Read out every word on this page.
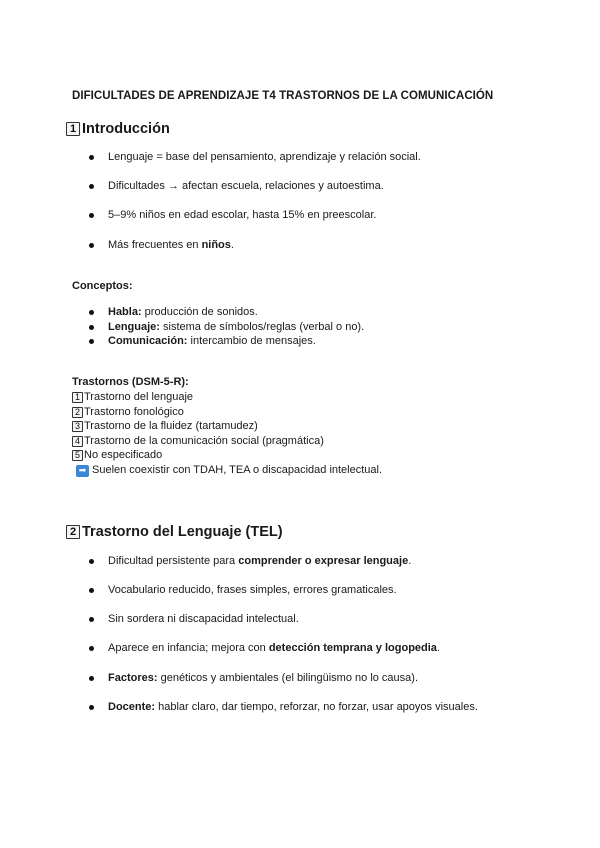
DIFICULTADES DE APRENDIZAJE T4 TRASTORNOS DE LA COMUNICACIÓN
1 Introducción
Lenguaje = base del pensamiento, aprendizaje y relación social.
Dificultades → afectan escuela, relaciones y autoestima.
5–9% niños en edad escolar, hasta 15% en preescolar.
Más frecuentes en niños.
Conceptos:
Habla: producción de sonidos.
Lenguaje: sistema de símbolos/reglas (verbal o no).
Comunicación: intercambio de mensajes.
Trastornos (DSM-5-R):
1 Trastorno del lenguaje
2 Trastorno fonológico
3 Trastorno de la fluidez (tartamudez)
4 Trastorno de la comunicación social (pragmática)
5 No especificado
➡ Suelen coexistir con TDAH, TEA o discapacidad intelectual.
2 Trastorno del Lenguaje (TEL)
Dificultad persistente para comprender o expresar lenguaje.
Vocabulario reducido, frases simples, errores gramaticales.
Sin sordera ni discapacidad intelectual.
Aparece en infancia; mejora con detección temprana y logopedia.
Factores: genéticos y ambientales (el bilingüismo no lo causa).
Docente: hablar claro, dar tiempo, reforzar, no forzar, usar apoyos visuales.
